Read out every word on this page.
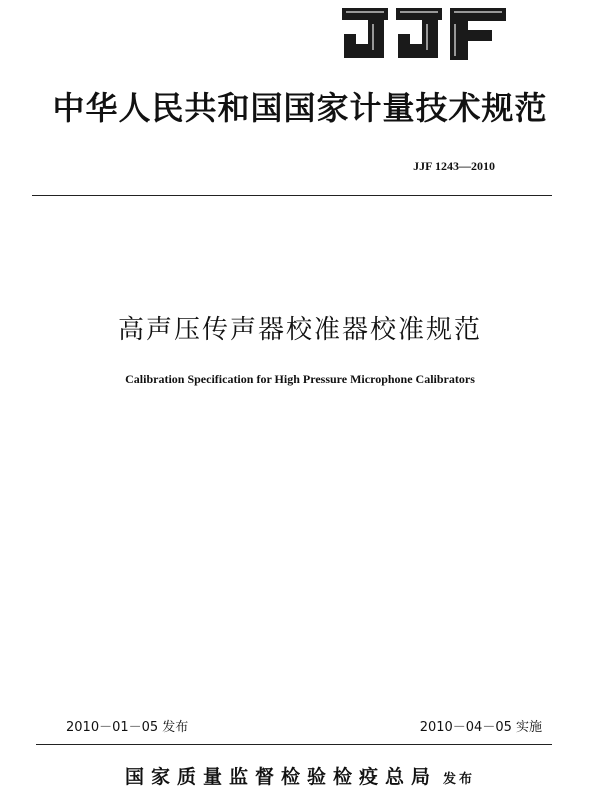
中华人民共和国国家计量技术规范
JJF 1243—2010
高声压传声器校准器校准规范
Calibration Specification for High Pressure Microphone Calibrators
2010－01－05 发布	2010－04－05 实施
国家质量监督检验检疫总局 发布
